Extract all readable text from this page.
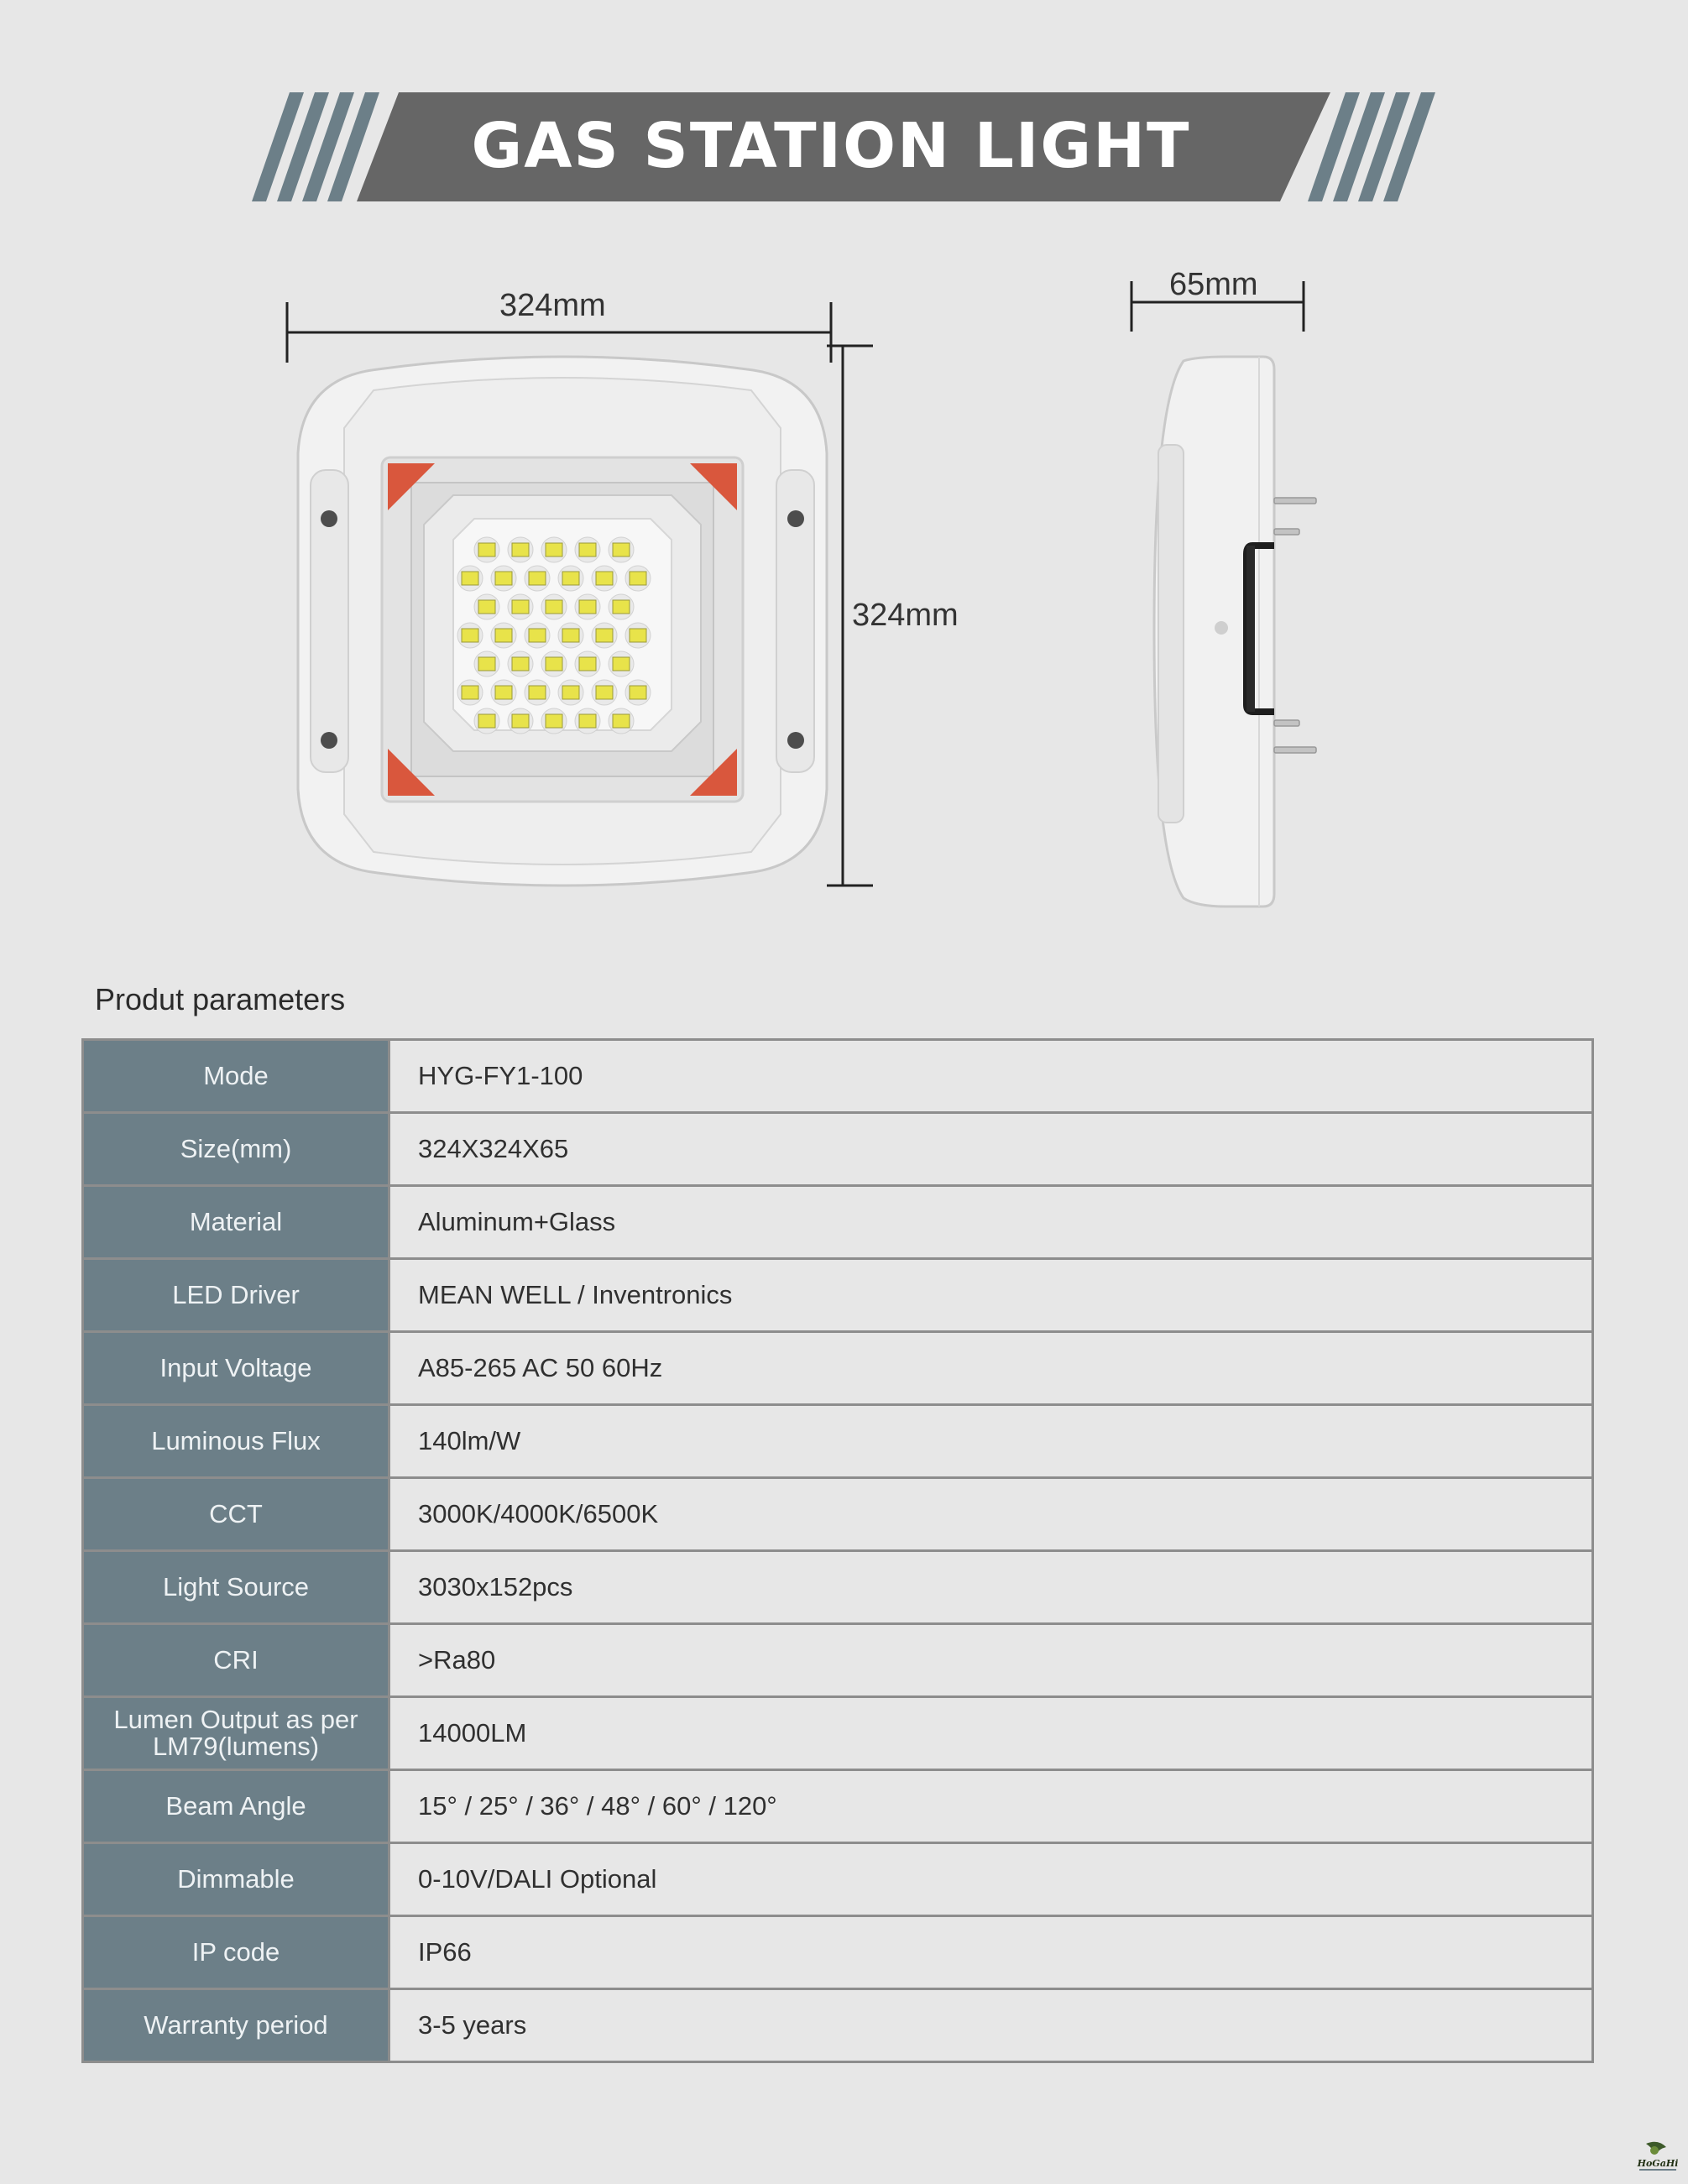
GAS STATION LIGHT
324mm
324mm
65mm
Produt parameters
Mode	HYG-FY1-100
Size(mm)	324X324X65
Material	Aluminum+Glass
LED Driver	MEAN WELL / Inventronics
Input Voltage	A85-265 AC 50 60Hz
Luminous Flux	140lm/W
CCT	3000K/4000K/6500K
Light Source	3030x152pcs
CRI	>Ra80
Lumen Output as per LM79(lumens)	14000LM
Beam Angle	15° / 25° / 36° / 48° / 60° / 120°
Dimmable	0-10V/DALI Optional
IP code	IP66
Warranty period	3-5 years
HoGaHi
